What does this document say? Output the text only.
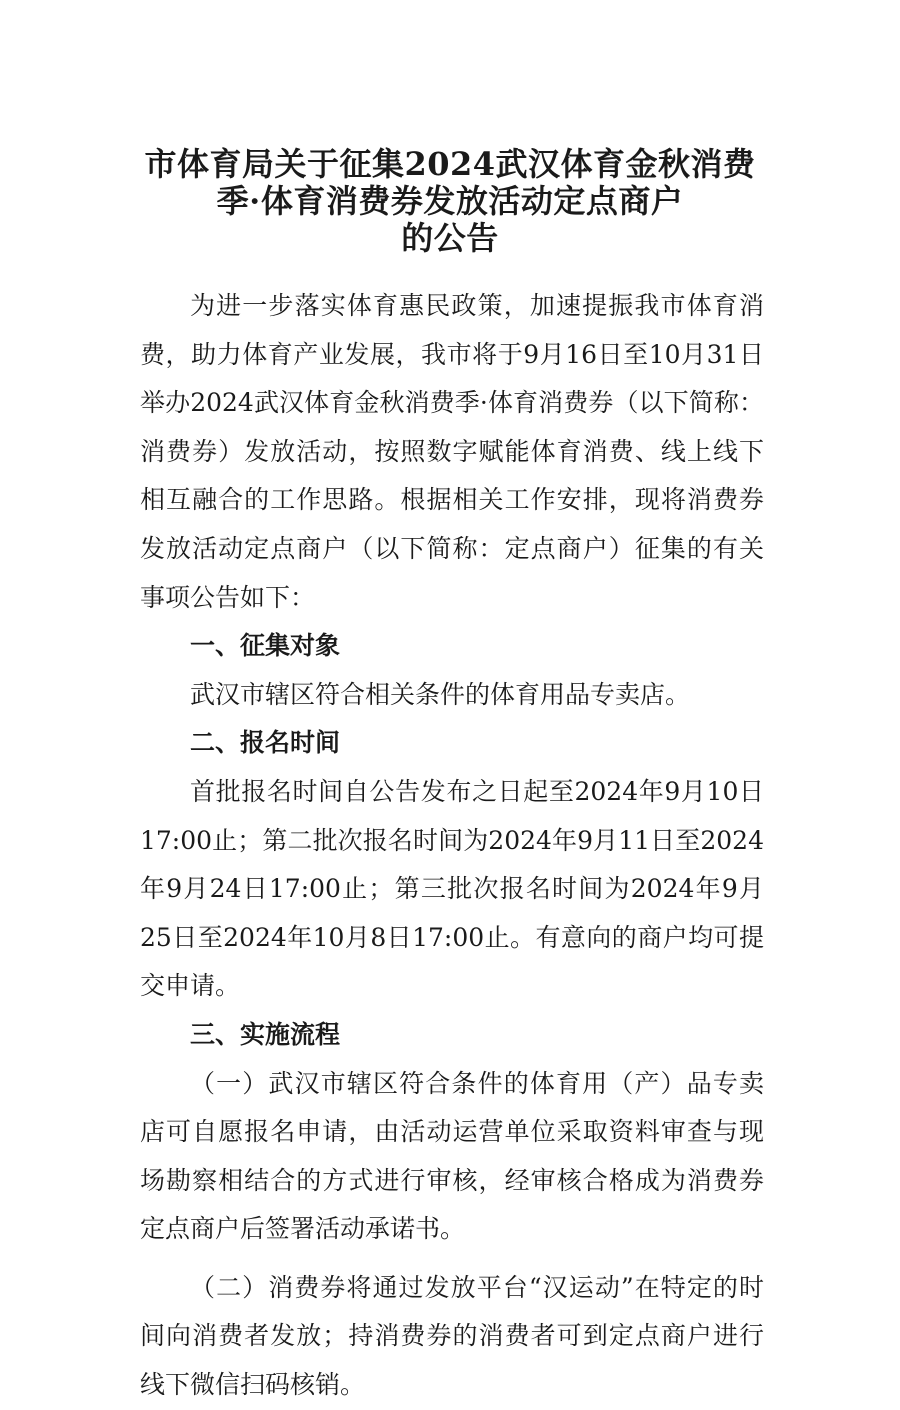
市体育局关于征集2024武汉体育金秋消费
季·体育消费券发放活动定点商户
的公告

为进一步落实体育惠民政策，加速提振我市体育消费，助力体育产业发展，我市将于9月16日至10月31日举办2024武汉体育金秋消费季·体育消费券（以下简称：消费券）发放活动，按照数字赋能体育消费、线上线下相互融合的工作思路。根据相关工作安排，现将消费券发放活动定点商户（以下简称：定点商户）征集的有关事项公告如下：

一、征集对象

武汉市辖区符合相关条件的体育用品专卖店。

二、报名时间

首批报名时间自公告发布之日起至2024年9月10日17:00止；第二批次报名时间为2024年9月11日至2024年9月24日17:00止；第三批次报名时间为2024年9月25日至2024年10月8日17:00止。有意向的商户均可提交申请。

三、实施流程

（一）武汉市辖区符合条件的体育用（产）品专卖店可自愿报名申请，由活动运营单位采取资料审查与现场勘察相结合的方式进行审核，经审核合格成为消费券定点商户后签署活动承诺书。

（二）消费券将通过发放平台“汉运动”在特定的时间向消费者发放；持消费券的消费者可到定点商户进行线下微信扫码核销。
